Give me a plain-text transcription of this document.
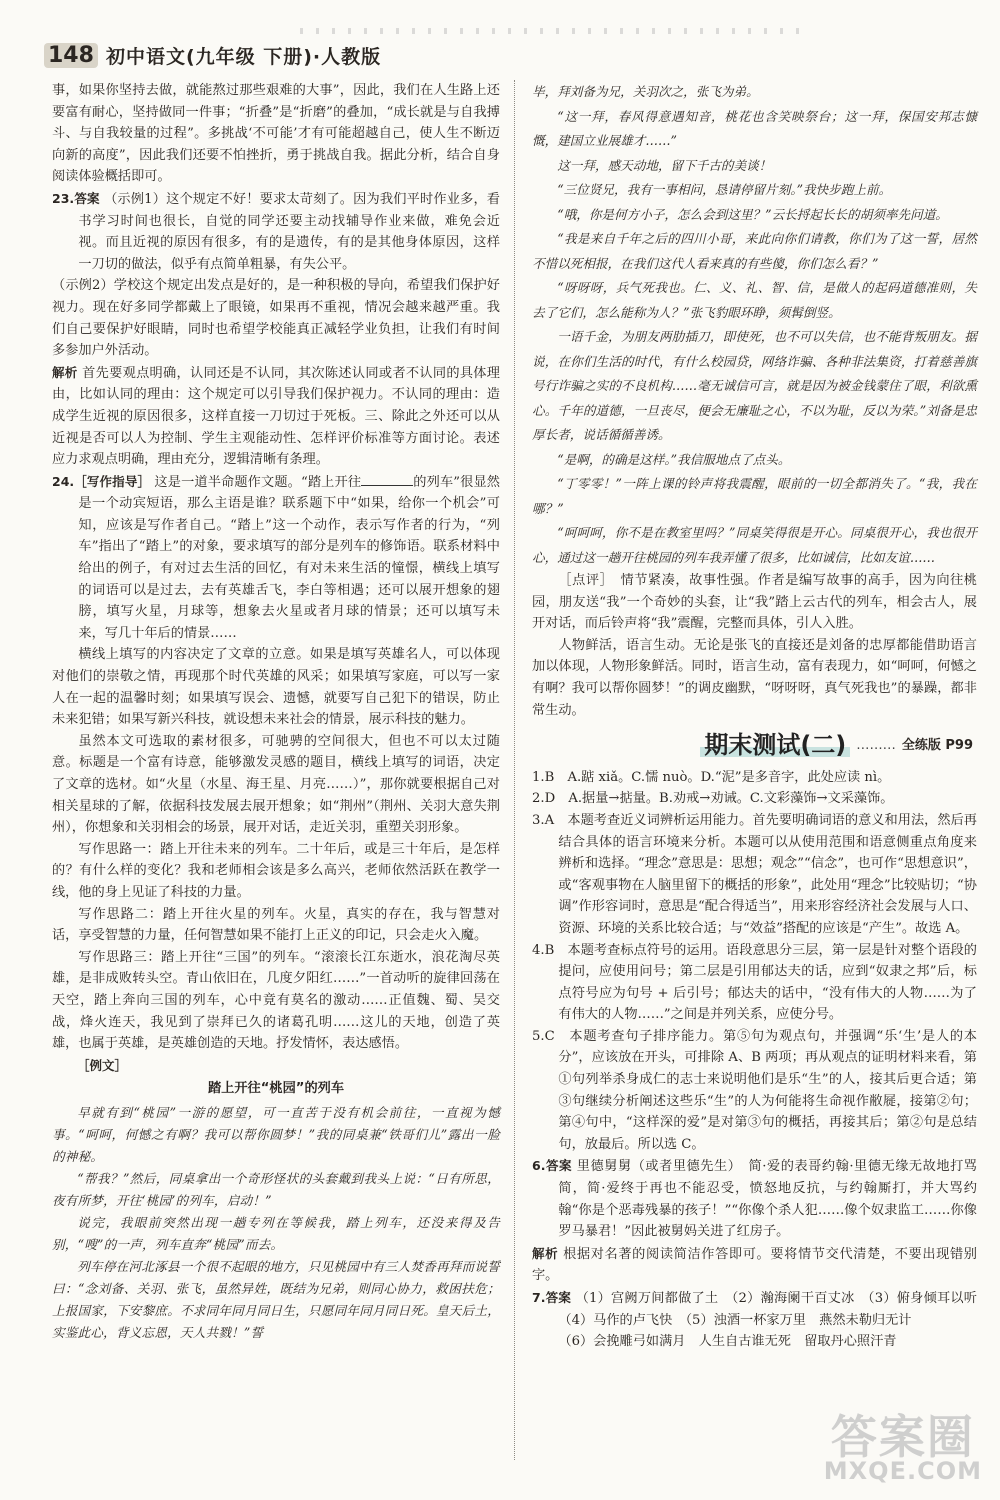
148 初中语文(九年级 下册)·人教版

事，如果你坚持去做，就能熬过那些艰难的大事”，因此，我们在人生路上还要富有耐心，坚持做同一件事；“折叠”是“折磨”的叠加，“成长就是与自我搏斗、与自我较量的过程”。多挑战‘不可能’才有可能超越自己，使人生不断迈向新的高度”，因此我们还要不怕挫折，勇于挑战自我。据此分析，结合自身阅读体验概括即可。

23.答案 （示例1）这个规定不好！要求太苛刻了。因为我们平时作业多，看书学习时间也很长，自觉的同学还要主动找辅导作业来做，难免会近视。而且近视的原因有很多，有的是遗传，有的是其他身体原因，这样一刀切的做法，似乎有点简单粗暴，有失公平。

（示例2）学校这个规定出发点是好的，是一种积极的导向，希望我们保护好视力。现在好多同学都戴上了眼镜，如果再不重视，情况会越来越严重。我们自己要保护好眼睛，同时也希望学校能真正减轻学业负担，让我们有时间多参加户外活动。

解析 首先要观点明确，认同还是不认同，其次陈述认同或者不认同的具体理由，比如认同的理由：这个规定可以引导我们保护视力。不认同的理由：造成学生近视的原因很多，这样直接一刀切过于死板。三、除此之外还可以从近视是否可以人为控制、学生主观能动性、怎样评价标准等方面讨论。表述应力求观点明确，理由充分，逻辑清晰有条理。

24.［写作指导］ 这是一道半命题作文题。“踏上开往	的列车”很显然是一个动宾短语，那么主语是谁？联系题下中“如果，给你一个机会”可知，应该是写作者自己。“踏上”这一个动作，表示写作者的行为，“列车”指出了“踏上”的对象，要求填写的部分是列车的修饰语。联系材料中给出的例子，有对过去生活的回忆，有对未来生活的憧憬，横线上填写的词语可以是过去，去有英雄舌飞，李白等相遇；还可以展开想象的翅膀，填写火星，月球等，想象去火星或者月球的情景；还可以填写未来，写几十年后的情景……

横线上填写的内容决定了文章的立意。如果是填写英雄名人，可以体现对他们的崇敬之情，再现那个时代英雄的风采；如果填写家庭，可以写一家人在一起的温馨时刻；如果填写误会、遗憾，就要写自己犯下的错误，防止未来犯错；如果写新兴科技，就设想未来社会的情景，展示科技的魅力。

虽然本文可选取的素材很多，可驰骋的空间很大，但也不可以太过随意。标题是一个富有诗意，能够激发灵感的题目，横线上填写的词语，决定了文章的选材。如“火星（水星、海王星、月亮……）”，那你就要根据自己对相关星球的了解，依据科技发展去展开想象；如“荆州”（荆州、关羽大意失荆州），你想象和关羽相会的场景，展开对话，走近关羽，重塑关羽形象。

写作思路一：踏上开往未来的列车。二十年后，或是三十年后，是怎样的？有什么样的变化？我和老师相会该是多么高兴，老师依然活跃在教学一线，他的身上见证了科技的力量。

写作思路二：踏上开往火星的列车。火星，真实的存在，我与智慧对话，享受智慧的力量，任何智慧如果不能打上正义的印记，只会走火入魔。

写作思路三：踏上开往“三国”的列车。“滚滚长江东逝水，浪花淘尽英雄，是非成败转头空。青山依旧在，几度夕阳红……”一首动听的旋律回荡在天空，踏上奔向三国的列车，心中竟有莫名的激动……正值魏、蜀、吴交战，烽火连天，我见到了崇拜已久的诸葛孔明……这儿的天地，创造了英雄，也属于英雄，是英雄创造的天地。抒发情怀，表达感悟。

［例文］

踏上开往“桃园”的列车

早就有到“桃园”一游的愿望，可一直苦于没有机会前往，一直视为憾事。“呵呵，何憾之有啊？我可以帮你圆梦！”我的同桌兼“铁哥们儿”露出一脸的神秘。

“帮我？”然后，同桌拿出一个奇形怪状的头套戴到我头上说：“日有所思，夜有所梦，开往‘桃园’的列车，启动！”

说完，我眼前突然出现一趟专列在等候我，踏上列车，还没来得及告别，“嗖”的一声，列车直奔“桃园”而去。

列车停在河北涿县一个很不起眼的地方，只见桃园中有三人焚香再拜而说誓曰：“念刘备、关羽、张飞，虽然异姓，既结为兄弟，则同心协力，救困扶危；上报国家，下安黎庶。不求同年同月同日生，只愿同年同月同日死。皇天后土，实鉴此心，背义忘恩，天人共戮！”誓

毕，拜刘备为兄，关羽次之，张飞为弟。

“这一拜，春风得意遇知音，桃花也含笑映祭台；这一拜，保国安邦志慷慨，建国立业展雄才……”

这一拜，感天动地，留下千古的美谈！

“三位贤兄，我有一事相问，恳请停留片刻。”我快步跑上前。

“哦，你是何方小子，怎么会到这里？”云长捋起长长的胡须率先问道。

“我是来自千年之后的四川小哥，来此向你们请教，你们为了这一誓，居然不惜以死相报，在我们这代人看来真的有些傻，你们怎么看？”

“呀呀呀，兵气死我也。仁、义、礼、智、信，是做人的起码道德准则，失去了它们，怎么能称为人？”张飞豹眼环睁，须髯倒竖。

一语千金，为朋友两肋插刀，即使死，也不可以失信，也不能背叛朋友。据说，在你们生活的时代，有什么校园贷，网络诈骗、各种非法集资，打着慈善旗号行诈骗之实的不良机构……毫无诚信可言，就是因为被金钱蒙住了眼，利欲熏心。千年的道德，一旦丧尽，便会无廉耻之心，不以为耻，反以为荣。”刘备是忠厚长者，说话循循善诱。

“是啊，的确是这样。”我信服地点了点头。

“丁零零！”一阵上课的铃声将我震醒，眼前的一切全都消失了。“我，我在哪？”

“呵呵呵，你不是在教室里吗？”同桌笑得很是开心。同桌很开心，我也很开心，通过这一趟开往桃园的列车我弄懂了很多，比如诚信，比如友谊……

［点评］　情节紧凑，故事性强。作者是编写故事的高手，因为向往桃园，朋友送“我”一个奇妙的头套，让“我”踏上云古代的列车，相会古人，展开对话，而后铃声将“我”震醒，完整而具体，引人入胜。

人物鲜活，语言生动。无论是张飞的直接还是刘备的忠厚都能借助语言加以体现，人物形象鲜活。同时，语言生动，富有表现力，如“呵呵，何憾之有啊？我可以帮你圆梦！”的调皮幽默，“呀呀呀，真气死我也”的暴躁，都非常生动。

期末测试(二) ……… 全练版 P99

1.B　A.踮 xiǎ。C.懦 nuò。D.“泥”是多音字，此处应读 nì。

2.D　A.据量→掂量。B.劝戒→劝诫。C.文彩藻饰→文采藻饰。

3.A　本题考查近义词辨析运用能力。首先要明确词语的意义和用法，然后再结合具体的语言环境来分析。本题可以从使用范围和语意侧重点角度来辨析和选择。“理念”意思是：思想；观念”“信念”，也可作“思想意识”，或“客观事物在人脑里留下的概括的形象”，此处用“理念”比较贴切；“协调”作形容词时，意思是“配合得适当”，用来形容经济社会发展与人口、资源、环境的关系比较合适；与“效益”搭配的应该是“产生”。故选 A。

4.B　本题考查标点符号的运用。语段意思分三层，第一层是针对整个语段的提问，应使用问号；第二层是引用郁达夫的话，应到“奴隶之邦”后，标点符号应为句号 + 后引号；郁达夫的话中，“没有伟大的人物……为了有伟大的人物……”之间是并列关系，应使分号。

5.C　本题考查句子排序能力。第⑤句为观点句，并强调“乐‘生’是人的本分”，应该放在开头，可排除 A、B 两项；再从观点的证明材料来看，第①句列举杀身成仁的志士来说明他们是乐“生”的人，接其后更合适；第③句继续分析阐述这些乐“生”的人为何能将生命视作敝屣，接第②句；第④句中，“这样深的爱”是对第③句的概括，再接其后；第②句是总结句，放最后。所以选 C。

6.答案 里德舅舅（或者里德先生）　简·爱的表哥约翰·里德无缘无故地打骂简，简·爱终于再也不能忍受，愤怒地反抗，与约翰厮打，并大骂约翰“你是个恶毒残暴的孩子！”“你像个杀人犯……像个奴隶监工……你像罗马暴君！”因此被舅妈关进了红房子。

解析 根据对名著的阅读简洁作答即可。要将情节交代清楚，不要出现错别字。

7.答案 （1）宫阙万间都做了土　（2）瀚海阑干百丈冰　（3）俯身倾耳以听　（4）马作的卢飞快　（5）浊酒一杯家万里　燕然未勒归无计

（6）会挽雕弓如满月　人生自古谁无死　留取丹心照汗青

答案圈
MXQE.COM
